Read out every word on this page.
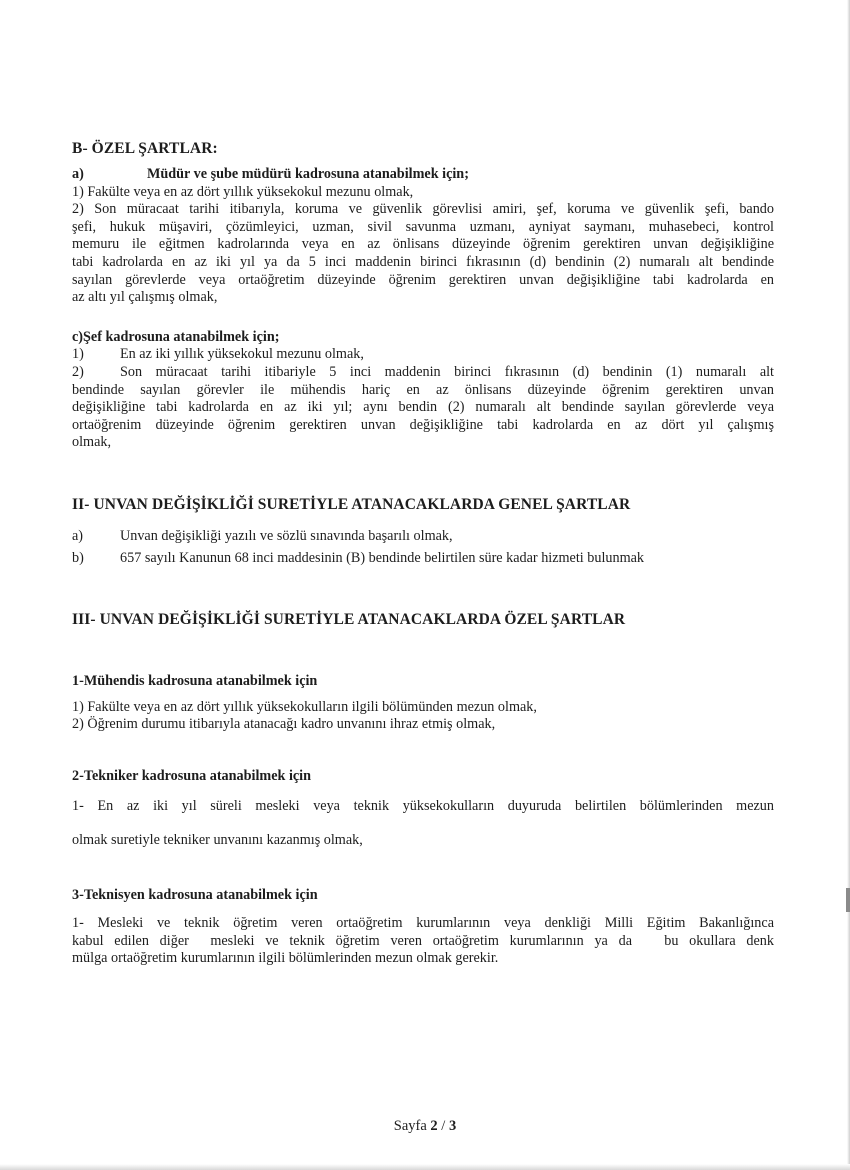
B- ÖZEL ŞARTLAR:
a)	Müdür ve şube müdürü kadrosuna atanabilmek için;
1) Fakülte veya en az dört yıllık yüksekokul mezunu olmak,
2) Son müracaat tarihi itibarıyla, koruma ve güvenlik görevlisi amiri, şef, koruma ve güvenlik şefi, bando
şefi, hukuk müşaviri, çözümleyici, uzman, sivil savunma uzmanı, ayniyat saymanı, muhasebeci, kontrol
memuru ile eğitmen kadrolarında veya en az önlisans düzeyinde öğrenim gerektiren unvan değişikliğine
tabi kadrolarda en az iki yıl ya da 5 inci maddenin birinci fıkrasının (d) bendinin (2) numaralı alt bendinde
sayılan görevlerde veya ortaöğretim düzeyinde öğrenim gerektiren unvan değişikliğine tabi kadrolarda en
az altı yıl çalışmış olmak,
c)Şef kadrosuna atanabilmek için;
1)	En az iki yıllık yüksekokul mezunu olmak,
2)	Son müracaat tarihi itibariyle 5 inci maddenin birinci fıkrasının (d) bendinin (1) numaralı alt
bendinde sayılan görevler ile mühendis hariç en az önlisans düzeyinde öğrenim gerektiren unvan
değişikliğine tabi kadrolarda en az iki yıl; aynı bendin (2) numaralı alt bendinde sayılan görevlerde veya
ortaöğrenim düzeyinde öğrenim gerektiren unvan değişikliğine tabi kadrolarda en az dört yıl çalışmış
olmak,
II- UNVAN DEĞİŞİKLİĞİ SURETİYLE ATANACAKLARDA GENEL ŞARTLAR
a)	Unvan değişikliği yazılı ve sözlü sınavında başarılı olmak,
b)	657 sayılı Kanunun 68 inci maddesinin (B) bendinde belirtilen süre kadar hizmeti bulunmak
III- UNVAN DEĞİŞİKLİĞİ SURETİYLE ATANACAKLARDA ÖZEL ŞARTLAR
1-Mühendis kadrosuna atanabilmek için
1) Fakülte veya en az dört yıllık yüksekokulların ilgili bölümünden mezun olmak,
2) Öğrenim durumu itibarıyla atanacağı kadro unvanını ihraz etmiş olmak,
2-Tekniker kadrosuna atanabilmek için
1- En az iki yıl süreli mesleki veya teknik yüksekokulların duyuruda belirtilen bölümlerinden mezun
olmak suretiyle tekniker unvanını kazanmış olmak,
3-Teknisyen kadrosuna atanabilmek için
1- Mesleki ve teknik öğretim veren ortaöğretim kurumlarının veya denkliği Milli Eğitim Bakanlığınca
kabul edilen diğer  mesleki ve teknik öğretim veren ortaöğretim kurumlarının ya da   bu okullara denk
mülga ortaöğretim kurumlarının ilgili bölümlerinden mezun olmak gerekir.
Sayfa 2 / 3
